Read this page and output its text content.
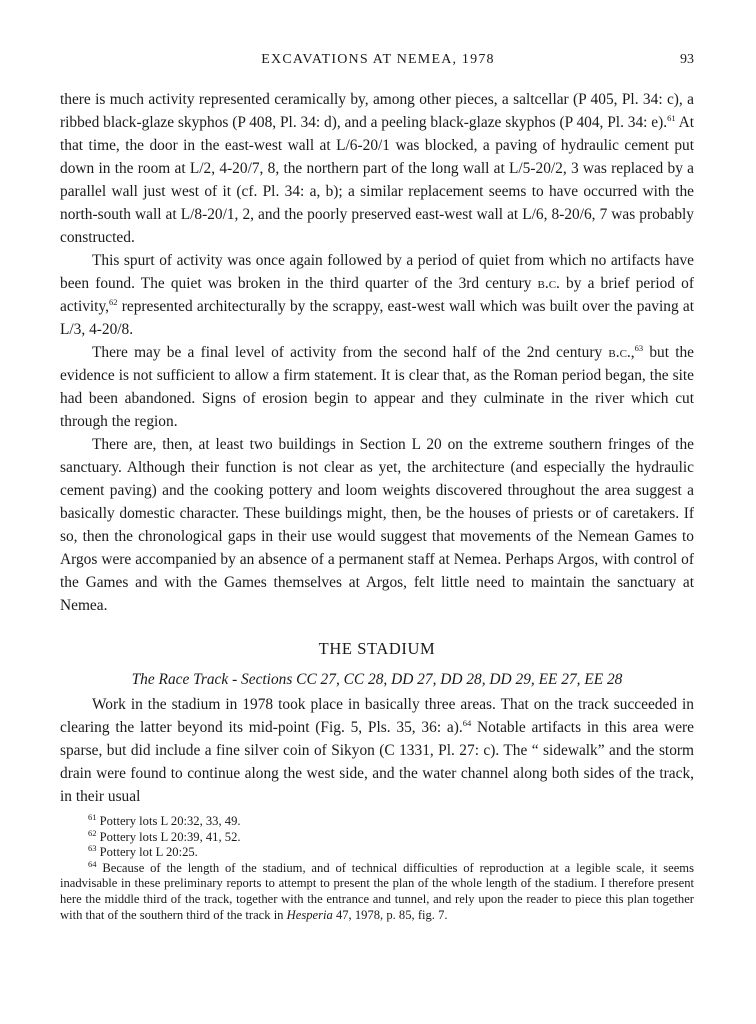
EXCAVATIONS AT NEMEA, 1978	93

there is much activity represented ceramically by, among other pieces, a saltcellar (P 405, Pl. 34: c), a ribbed black-glaze skyphos (P 408, Pl. 34: d), and a peeling black-glaze skyphos (P 404, Pl. 34: e).$^{61}$ At that time, the door in the east-west wall at L/6-20/1 was blocked, a paving of hydraulic cement put down in the room at L/2, 4-20/7, 8, the northern part of the long wall at L/5-20/2, 3 was replaced by a parallel wall just west of it (cf. Pl. 34: a, b); a similar replacement seems to have occurred with the north-south wall at L/8-20/1, 2, and the poorly preserved east-west wall at L/6, 8-20/6, 7 was probably constructed.

This spurt of activity was once again followed by a period of quiet from which no artifacts have been found. The quiet was broken in the third quarter of the 3rd century b.c. by a brief period of activity,$^{62}$ represented architecturally by the scrappy, east-west wall which was built over the paving at L/3, 4-20/8.

There may be a final level of activity from the second half of the 2nd century b.c.,$^{63}$ but the evidence is not sufficient to allow a firm statement. It is clear that, as the Roman period began, the site had been abandoned. Signs of erosion begin to appear and they culminate in the river which cut through the region.

There are, then, at least two buildings in Section L 20 on the extreme southern fringes of the sanctuary. Although their function is not clear as yet, the architecture (and especially the hydraulic cement paving) and the cooking pottery and loom weights discovered throughout the area suggest a basically domestic character. These buildings might, then, be the houses of priests or of caretakers. If so, then the chronological gaps in their use would suggest that movements of the Nemean Games to Argos were accompanied by an absence of a permanent staff at Nemea. Perhaps Argos, with control of the Games and with the Games themselves at Argos, felt little need to maintain the sanctuary at Nemea.

THE STADIUM
The Race Track - Sections CC 27, CC 28, DD 27, DD 28, DD 29, EE 27, EE 28

Work in the stadium in 1978 took place in basically three areas. That on the track succeeded in clearing the latter beyond its mid-point (Fig. 5, Pls. 35, 36: a).$^{64}$ Notable artifacts in this area were sparse, but did include a fine silver coin of Sikyon (C 1331, Pl. 27: c). The “ sidewalk” and the storm drain were found to continue along the west side, and the water channel along both sides of the track, in their usual

$^{61}$ Pottery lots L 20:32, 33, 49.

$^{62}$ Pottery lots L 20:39, 41, 52.

$^{63}$ Pottery lot L 20:25.

$^{64}$ Because of the length of the stadium, and of technical difficulties of reproduction at a legible scale, it seems inadvisable in these preliminary reports to attempt to present the plan of the whole length of the stadium. I therefore present here the middle third of the track, together with the entrance and tunnel, and rely upon the reader to piece this plan together with that of the southern third of the track in Hesperia 47, 1978, p. 85, fig. 7.
